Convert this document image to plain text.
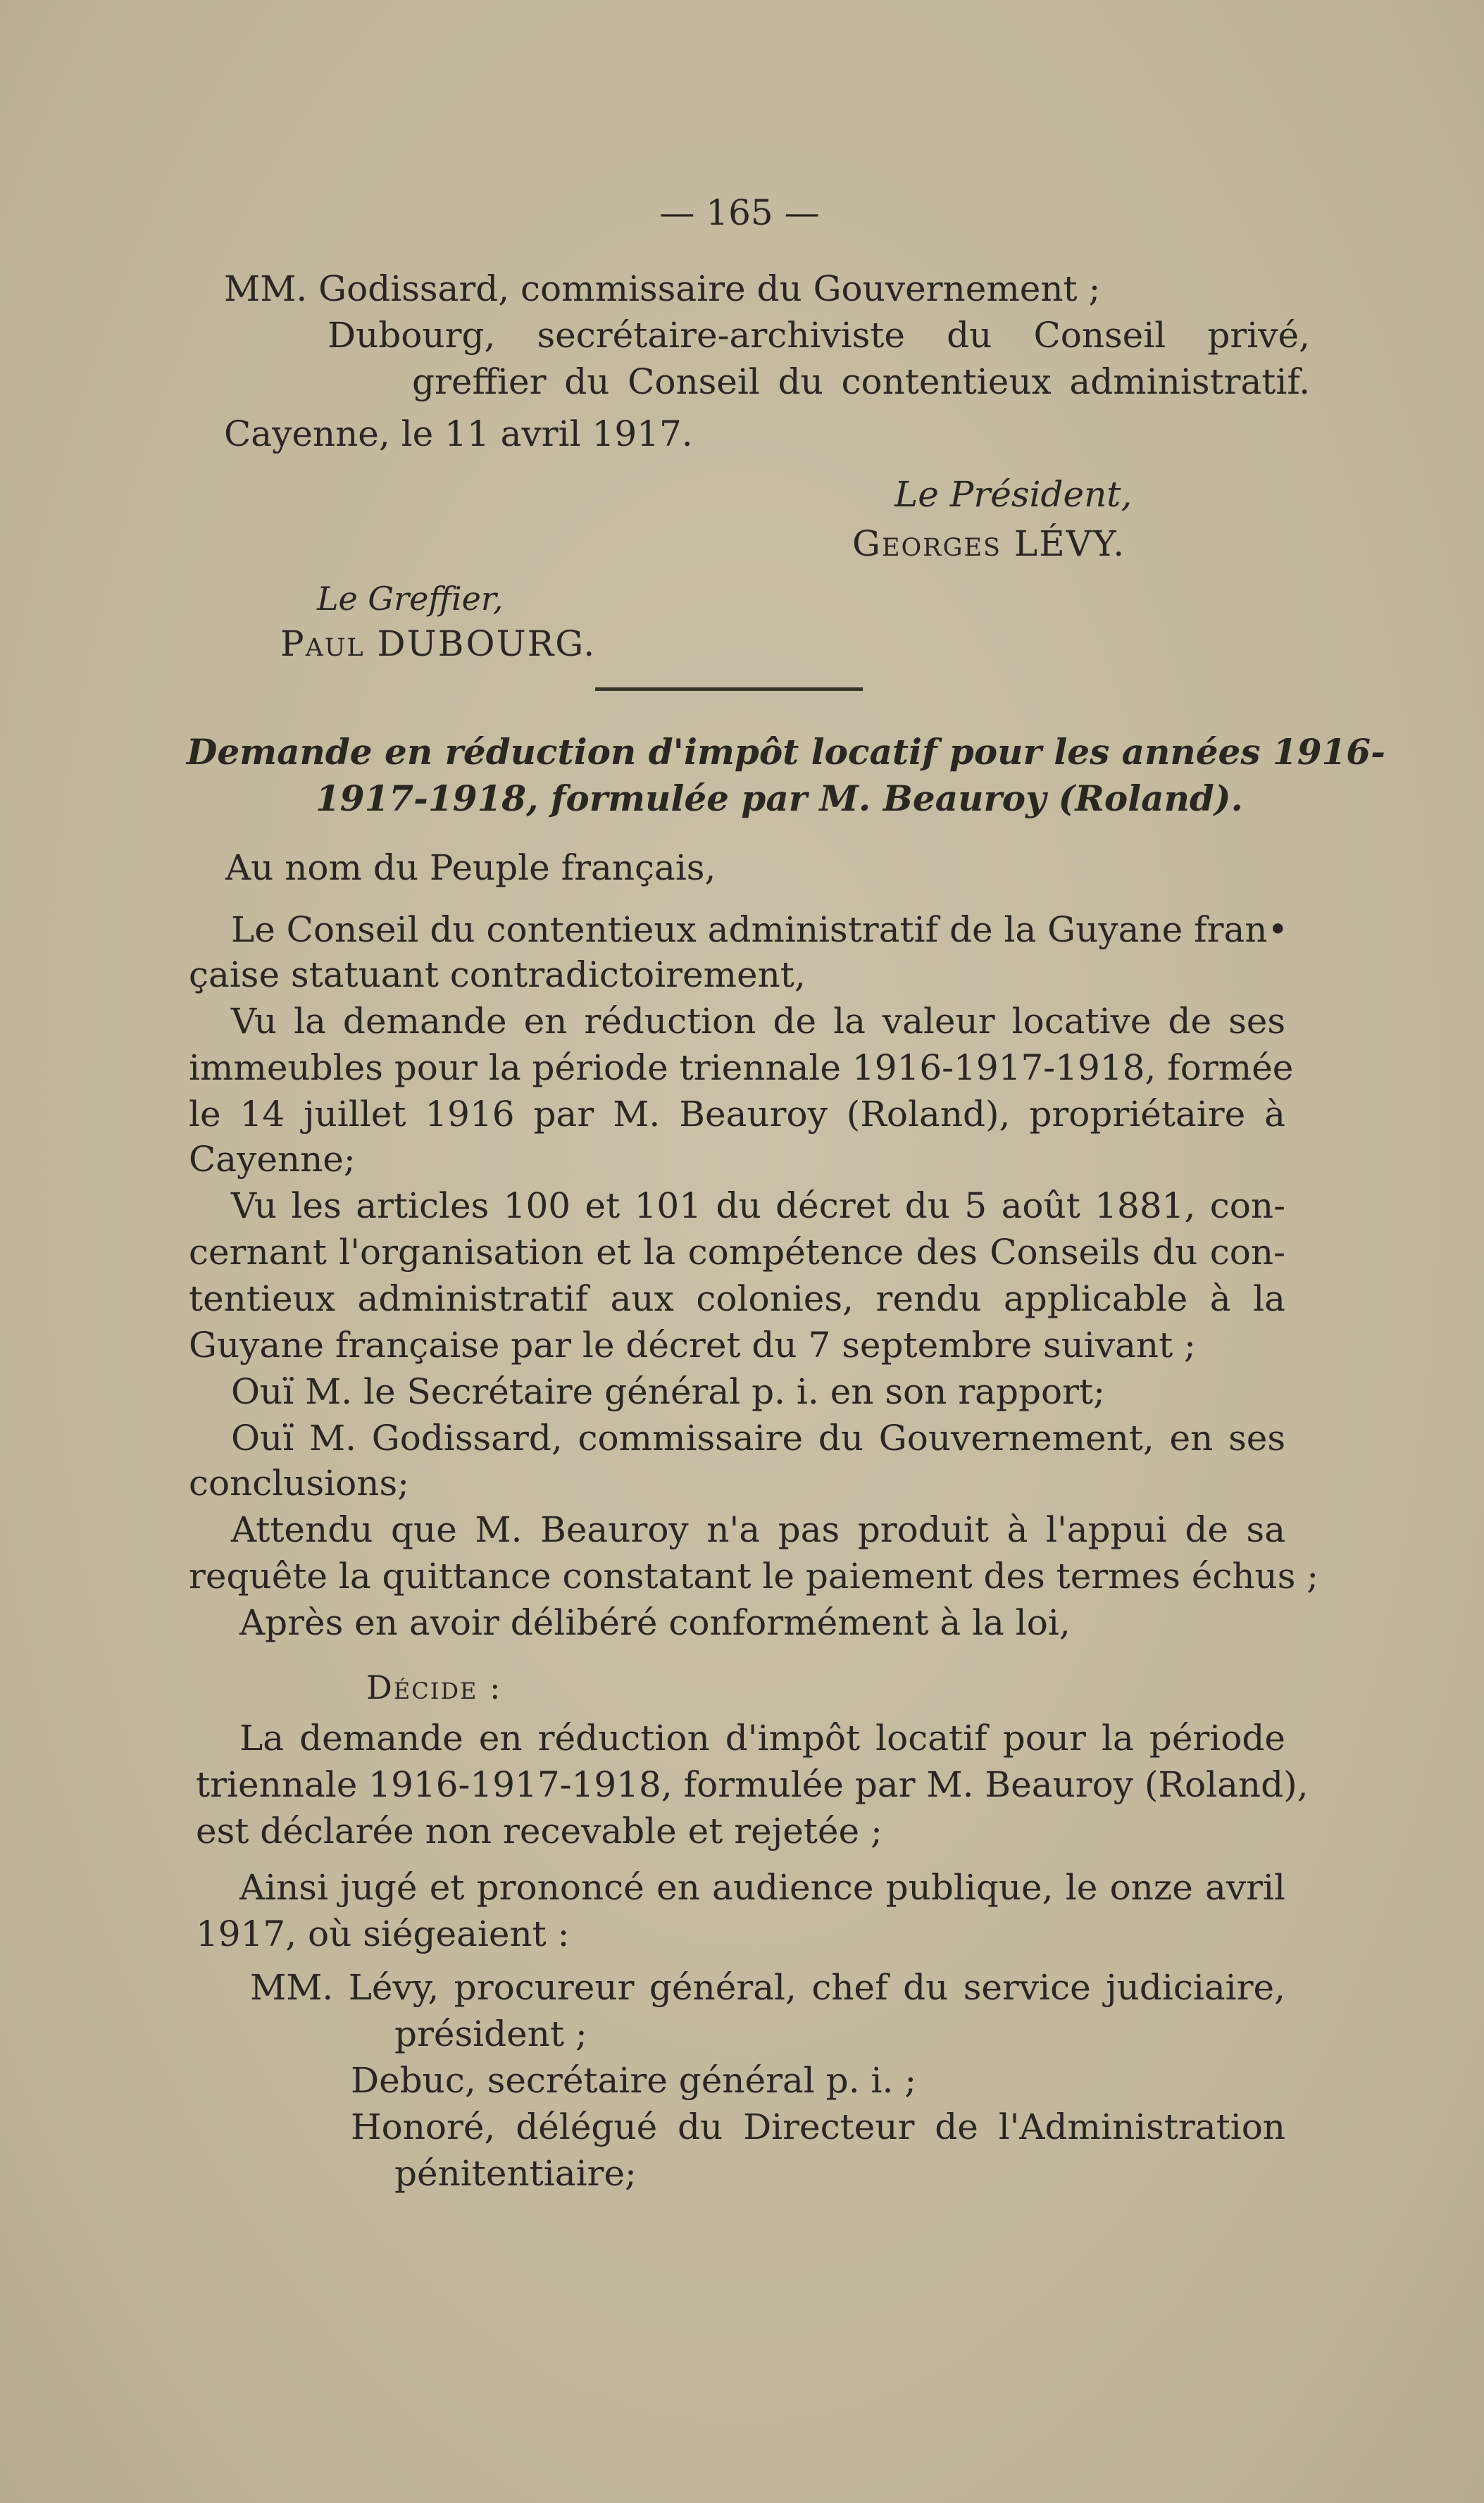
— 165 —
MM. Godissard, commissaire du Gouvernement ;
Dubourg, secrétaire-archiviste du Conseil privé,
greffier du Conseil du contentieux administratif.
Cayenne, le 11 avril 1917.
Le Président,
Georges LÉVY.
Le Greffier,
Paul DUBOURG.
Demande en réduction d'impôt locatif pour les années 1916-
1917-1918, formulée par M. Beauroy (Roland).
Au nom du Peuple français,
Le Conseil du contentieux administratif de la Guyane fran•
çaise statuant contradictoirement,
Vu la demande en réduction de la valeur locative de ses
immeubles pour la période triennale 1916-1917-1918, formée
le 14 juillet 1916 par M. Beauroy (Roland), propriétaire à
Cayenne;
Vu les articles 100 et 101 du décret du 5 août 1881, con-
cernant l'organisation et la compétence des Conseils du con-
tentieux administratif aux colonies, rendu applicable à la
Guyane française par le décret du 7 septembre suivant ;
Ouï M. le Secrétaire général p. i. en son rapport;
Ouï M. Godissard, commissaire du Gouvernement, en ses
conclusions;
Attendu que M. Beauroy n'a pas produit à l'appui de sa
requête la quittance constatant le paiement des termes échus ;
Après en avoir délibéré conformément à la loi,
Décide :
La demande en réduction d'impôt locatif pour la période
triennale 1916-1917-1918, formulée par M. Beauroy (Roland),
est déclarée non recevable et rejetée ;
Ainsi jugé et prononcé en audience publique, le onze avril
1917, où siégeaient :
MM. Lévy, procureur général, chef du service judiciaire,
président ;
Debuc, secrétaire général p. i. ;
Honoré, délégué du Directeur de l'Administration
pénitentiaire;
